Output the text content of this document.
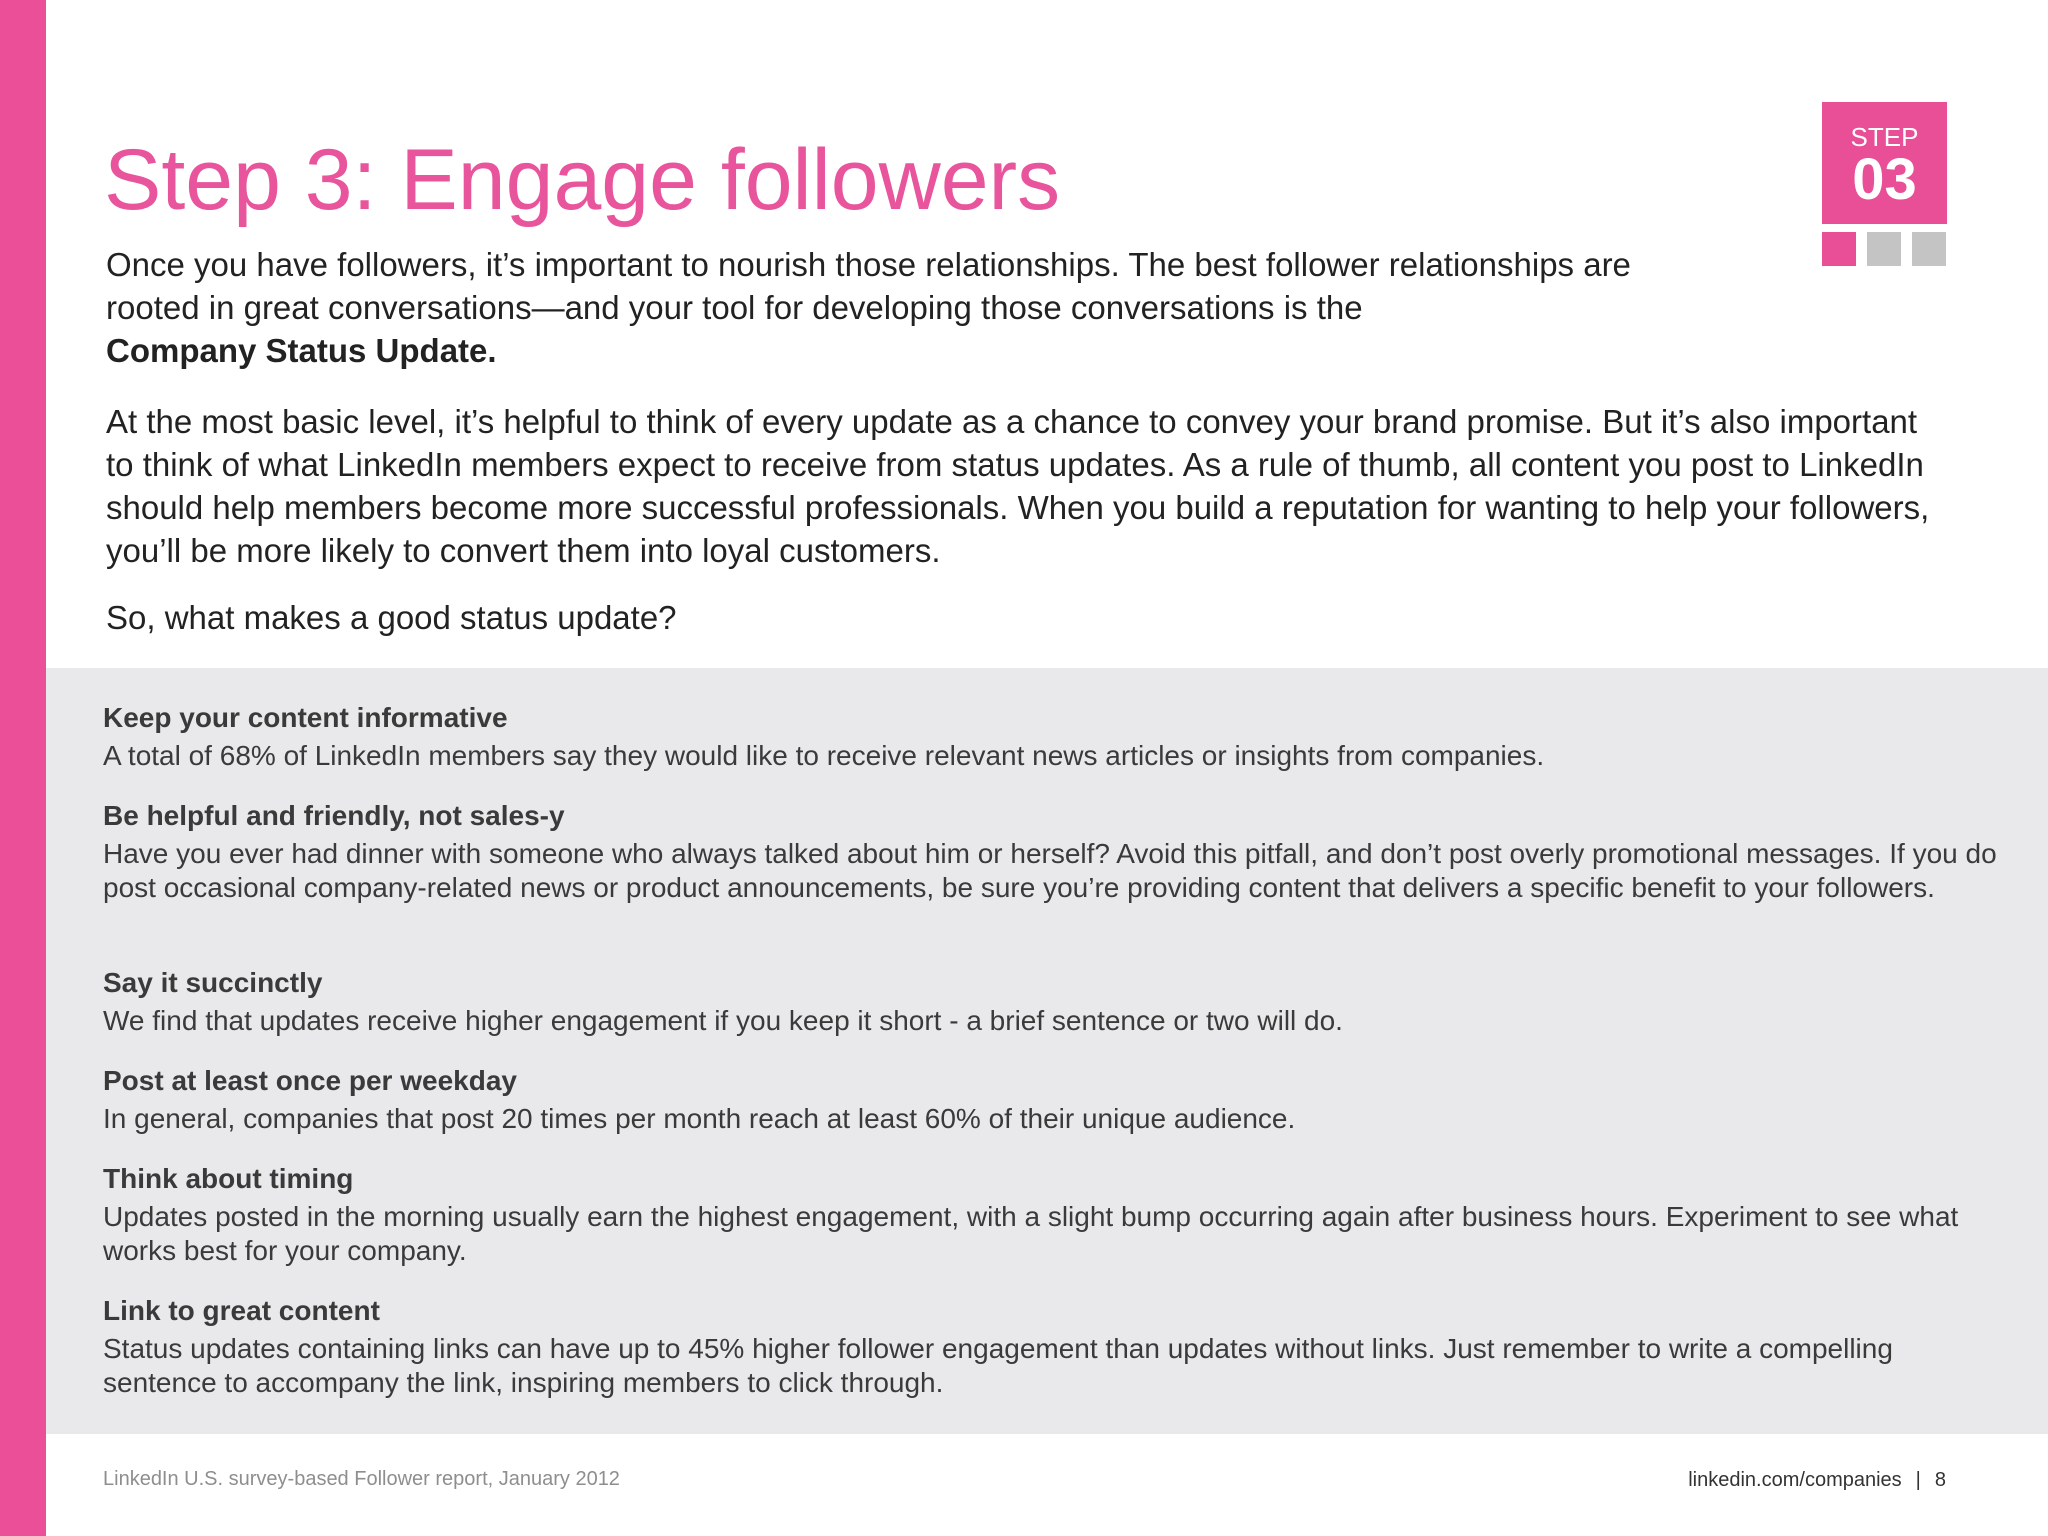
Step 3: Engage followers	STEP
03

Once you have followers, it’s important to nourish those relationships. The best follower relationships are rooted in great conversations—and your tool for developing those conversations is the
Company Status Update.

At the most basic level, it’s helpful to think of every update as a chance to convey your brand promise. But it’s also important to think of what LinkedIn members expect to receive from status updates. As a rule of thumb, all content you post to LinkedIn should help members become more successful professionals. When you build a reputation for wanting to help your followers, you’ll be more likely to convert them into loyal customers.

So, what makes a good status update?

Keep your content informative

A total of 68% of LinkedIn members say they would like to receive relevant news articles or insights from companies.

Be helpful and friendly, not sales-y

Have you ever had dinner with someone who always talked about him or herself? Avoid this pitfall, and don’t post overly promotional messages. If you do post occasional company-related news or product announcements, be sure you’re providing content that delivers a specific benefit to your followers.

Say it succinctly

We find that updates receive higher engagement if you keep it short - a brief sentence or two will do.

Post at least once per weekday

In general, companies that post 20 times per month reach at least 60% of their unique audience.

Think about timing

Updates posted in the morning usually earn the highest engagement, with a slight bump occurring again after business hours. Experiment to see what works best for your company.

Link to great content

Status updates containing links can have up to 45% higher follower engagement than updates without links. Just remember to write a compelling sentence to accompany the link, inspiring members to click through.

LinkedIn U.S. survey-based Follower report, January 2012	linkedin.com/companies | 8
